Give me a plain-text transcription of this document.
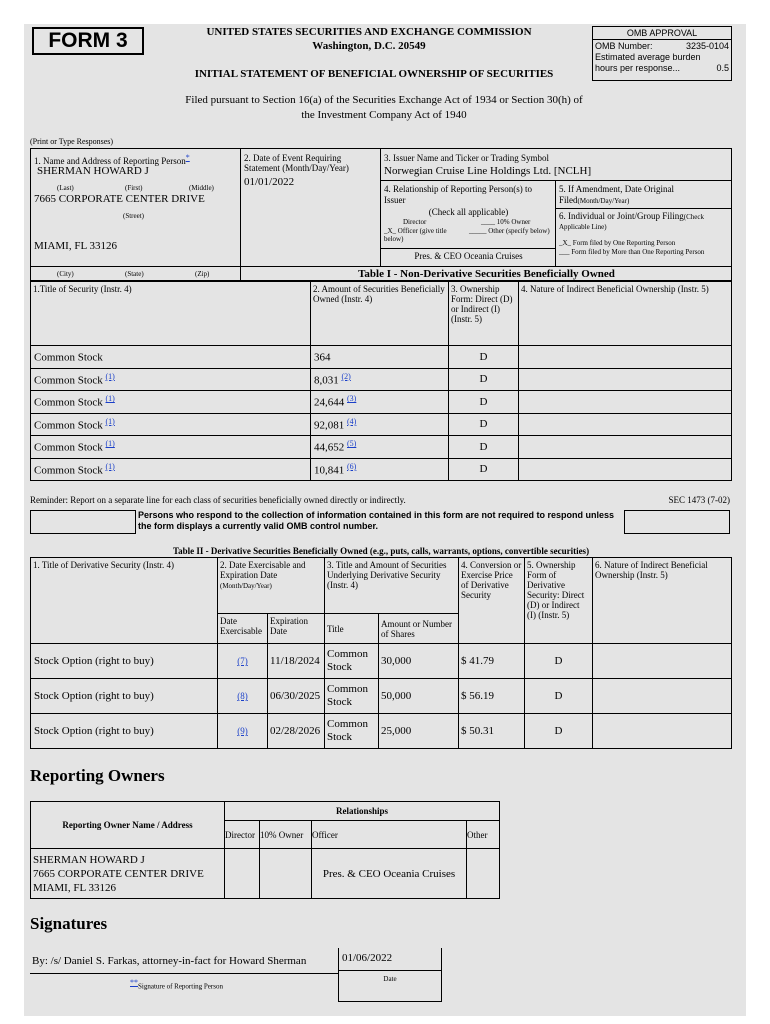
FORM 3	UNITED STATES SECURITIES AND EXCHANGE COMMISSION
Washington, D.C. 20549
INITIAL STATEMENT OF BENEFICIAL OWNERSHIP OF SECURITIES
OMB APPROVAL
OMB Number:	3235-0104
Estimated average burden
hours per response...	0.5
Filed pursuant to Section 16(a) of the Securities Exchange Act of 1934 or Section 30(h) of
the Investment Company Act of 1940
(Print or Type Responses)
1. Name and Address of Reporting Person*
SHERMAN HOWARD J
(Last)	(First)	(Middle)
7665 CORPORATE CENTER DRIVE
(Street)
MIAMI, FL 33126
(City)	(State)	(Zip)
2. Date of Event Requiring Statement (Month/Day/Year)
01/01/2022
3. Issuer Name and Ticker or Trading Symbol
Norwegian Cruise Line Holdings Ltd. [NCLH]
4. Relationship of Reporting Person(s) to Issuer
(Check all applicable)
Director	____ 10% Owner
_X_ Officer (give title below)
_____ Other (specify below)
Pres. & CEO Oceania Cruises
5. If Amendment, Date Original Filed(Month/Day/Year)
6. Individual or Joint/Group Filing(Check Applicable Line)
_X_ Form filed by One Reporting Person
___ Form filed by More than One Reporting Person
Table I - Non-Derivative Securities Beneficially Owned
1.Title of Security (Instr. 4)	2. Amount of Securities Beneficially Owned (Instr. 4)	3. Ownership Form: Direct (D) or Indirect (I) (Instr. 5)	4. Nature of Indirect Beneficial Ownership (Instr. 5)
Common Stock	364	D	
Common Stock $^{(1)}$	8,031 $^{(2)}$	D	
Common Stock $^{(1)}$	24,644 $^{(3)}$	D	
Common Stock $^{(1)}$	92,081 $^{(4)}$	D	
Common Stock $^{(1)}$	44,652 $^{(5)}$	D	
Common Stock $^{(1)}$	10,841 $^{(6)}$	D	
Reminder: Report on a separate line for each class of securities beneficially owned directly or indirectly.	SEC 1473 (7-02)
Persons who respond to the collection of information contained in this form are not required to respond unless the form displays a currently valid OMB control number.
Table II - Derivative Securities Beneficially Owned (e.g., puts, calls, warrants, options, convertible securities)
1. Title of Derivative Security (Instr. 4)	2. Date Exercisable and Expiration Date
(Month/Day/Year)		3. Title and Amount of Securities Underlying Derivative Security (Instr. 4)		4. Conversion or Exercise Price of Derivative Security	5. Ownership Form of Derivative Security: Direct (D) or Indirect (I) (Instr. 5)	6. Nature of Indirect Beneficial Ownership (Instr. 5)
	Date Exercisable	Expiration Date	Title	Amount or Number of Shares			
Stock Option (right to buy)	(7)	11/18/2024	Common Stock	30,000	$ 41.79	D	
Stock Option (right to buy)	(8)	06/30/2025	Common Stock	50,000	$ 56.19	D	
Stock Option (right to buy)	(9)	02/28/2026	Common Stock	25,000	$ 50.31	D	
Reporting Owners
Reporting Owner Name / Address	Relationships			
	Director	10% Owner	Officer	Other

SHERMAN HOWARD J
7665 CORPORATE CENTER DRIVE
MIAMI, FL 33126			Pres. & CEO Oceania Cruises	
Signatures
By: /s/ Daniel S. Farkas, attorney-in-fact for Howard Sherman
**Signature of Reporting Person
01/06/2022
Date
